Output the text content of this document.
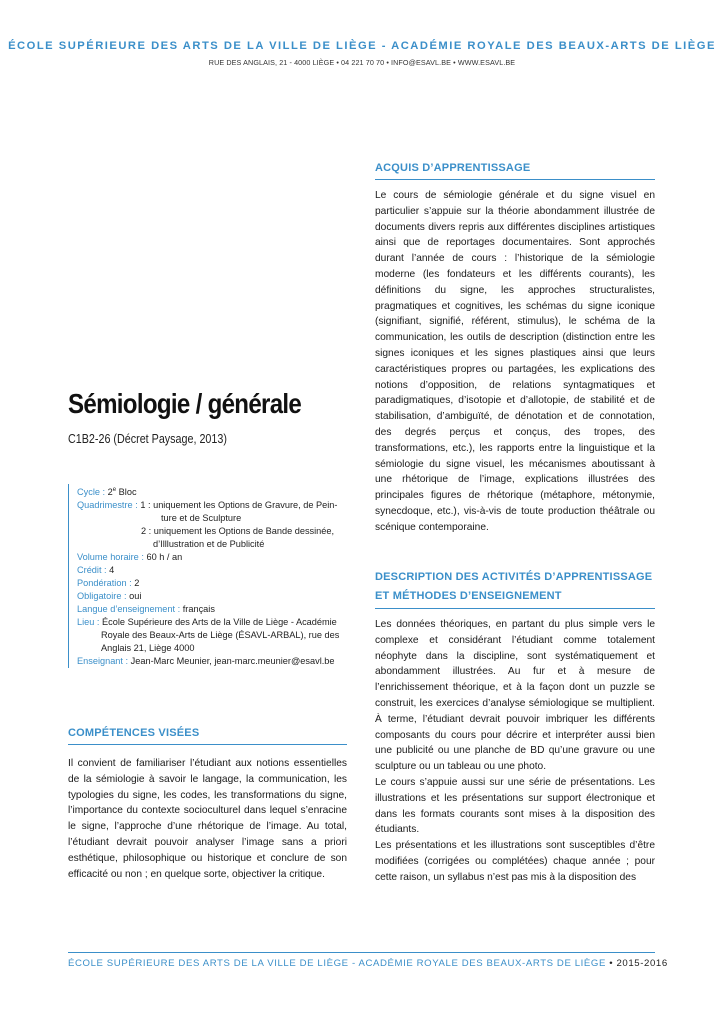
ÉCOLE SUPÉRIEURE DES ARTS DE LA VILLE DE LIÈGE - ACADÉMIE ROYALE DES BEAUX-ARTS DE LIÈGE
RUE DES ANGLAIS, 21 - 4000 LIÈGE • 04 221 70 70 • INFO@ESAVL.BE • WWW.ESAVL.BE
ACQUIS D’APPRENTISSAGE

Le cours de sémiologie générale et du signe visuel en particulier s’appuie sur la théorie abondamment illustrée de documents divers repris aux différentes disciplines artistiques ainsi que de reportages documentaires. Sont approchés durant l’année de cours : l’historique de la sémiologie moderne (les fondateurs et les différents courants), les définitions du signe, les approches structuralistes, pragmatiques et cognitives, les schémas du signe iconique (signifiant, signifié, référent, stimulus), le schéma de la communication, les outils de description (distinction entre les signes iconiques et les signes plastiques ainsi que leurs caractéristiques propres ou partagées, les explications des notions d’opposition, de relations syntagmatiques et paradigmatiques, d’isotopie et d’allotopie, de stabilité et de stabilisation, d’ambiguïté, de dénotation et de connotation, des degrés perçus et conçus, des tropes, des transformations, etc.), les rapports entre la linguistique et la sémiologie du signe visuel, les mécanismes aboutissant à une rhétorique de l’image, explications illustrées des principales figures de rhétorique (métaphore, métonymie, synecdoque, etc.), vis-à-vis de toute production théâtrale ou scénique contemporaine.

Sémiologie / générale
C1B2-26 (Décret Paysage, 2013)
Cycle : 2e Bloc
Quadrimestre : 1 : uniquement les Options de Gravure, de Pein-
ture et de Sculpture
2 : uniquement les Options de Bande dessinée,
d’Illlustration et de Publicité
Volume horaire : 60 h / an
Crédit : 4
Pondération : 2
Obligatoire : oui
Langue d’enseignement : français
Lieu : École Supérieure des Arts de la Ville de Liège - Académie
Royale des Beaux-Arts de Liège (ÉSAVL-ARBAL), rue des
Anglais 21, Liège 4000
Enseignant : Jean-Marc Meunier, jean-marc.meunier@esavl.be
DESCRIPTION DES ACTIVITÉS D’APPRENTISSAGE ET MÉTHODES D’ENSEIGNEMENT

Les données théoriques, en partant du plus simple vers le complexe et considérant l’étudiant comme totalement néophyte dans la discipline, sont systématiquement et abondamment illustrées. Au fur et à mesure de l’enrichissement théorique, et à la façon dont un puzzle se construit, les exercices d’analyse sémiologique se multiplient. À terme, l’étudiant devrait pouvoir imbriquer les différents composants du cours pour décrire et interpréter aussi bien une publicité ou une planche de BD qu’une gravure ou une sculpture ou un tableau ou une photo.

Le cours s’appuie aussi sur une série de présentations. Les illustrations et les présentations sur support électronique et dans les formats courants sont mises à la disposition des étudiants.

Les présentations et les illustrations sont susceptibles d’être modifiées (corrigées ou complétées) chaque année ; pour cette raison, un syllabus n’est pas mis à la disposition des

COMPÉTENCES VISÉES

Il convient de familiariser l’étudiant aux notions essentielles de la sémiologie à savoir le langage, la communication, les typologies du signe, les codes, les transformations du signe, l’importance du contexte socioculturel dans lequel s’enracine le signe, l’approche d’une rhétorique de l’image. Au total, l’étudiant devrait pouvoir analyser l’image sans a priori esthétique, philosophique ou historique et conclure de son efficacité ou non ; en quelque sorte, objectiver la critique.

ÉCOLE SUPÉRIEURE DES ARTS DE LA VILLE DE LIÈGE - ACADÉMIE ROYALE DES BEAUX-ARTS DE LIÈGE • 2015-2016
